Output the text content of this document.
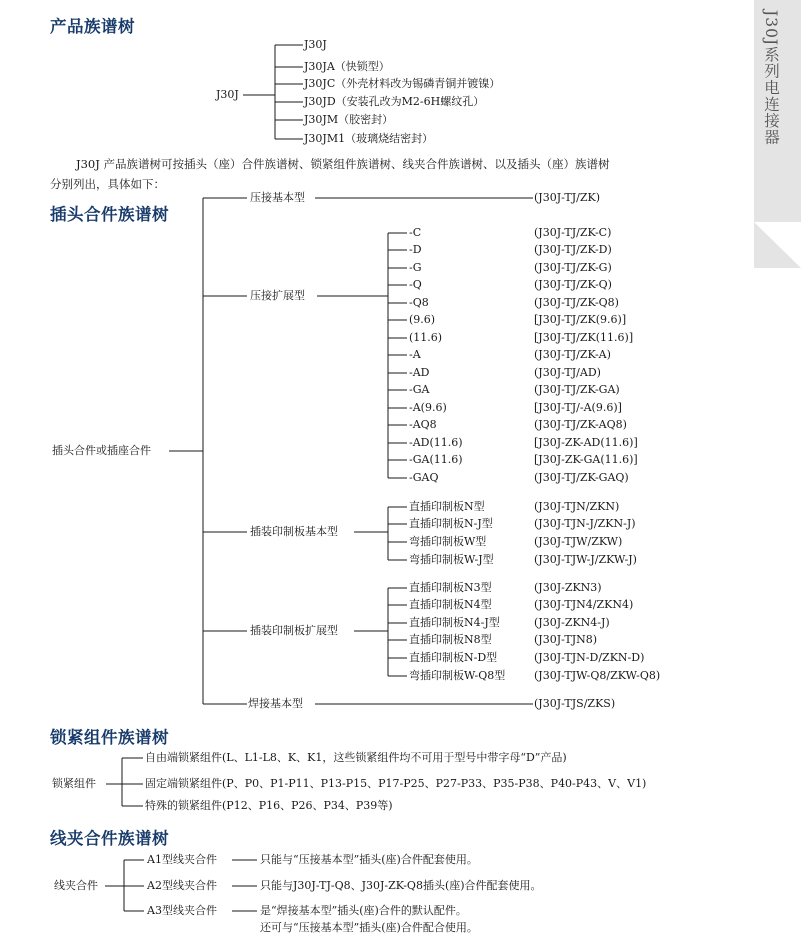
J30J系列电连接器
产品族谱树
J30J
J30J
J30JA（快锁型）
J30JC（外壳材料改为锡磷青铜并镀镍）
J30JD（安装孔改为M2-6H螺纹孔）
J30JM（胶密封）
J30JM1（玻璃烧结密封）
J30J 产品族谱树可按插头（座）合件族谱树、锁紧组件族谱树、线夹合件族谱树、以及插头（座）族谱树
分别列出，具体如下：
插头合件族谱树
插头合件或插座合件
压接基本型	(J30J-TJ/ZK)
压接扩展型
-C	(J30J-TJ/ZK-C)
-D	(J30J-TJ/ZK-D)
-G	(J30J-TJ/ZK-G)
-Q	(J30J-TJ/ZK-Q)
-Q8	(J30J-TJ/ZK-Q8)
(9.6)	[J30J-TJ/ZK(9.6)]
(11.6)	[J30J-TJ/ZK(11.6)]
-A	(J30J-TJ/ZK-A)
-AD	(J30J-TJ/AD)
-GA	(J30J-TJ/ZK-GA)
-A(9.6)	[J30J-TJ/-A(9.6)]
-AQ8	(J30J-TJ/ZK-AQ8)
-AD(11.6)	[J30J-ZK-AD(11.6)]
-GA(11.6)	[J30J-ZK-GA(11.6)]
-GAQ	(J30J-TJ/ZK-GAQ)
插装印制板基本型
直插印制板N型	(J30J-TJN/ZKN)
直插印制板N-J型	(J30J-TJN-J/ZKN-J)
弯插印制板W型	(J30J-TJW/ZKW)
弯插印制板W-J型	(J30J-TJW-J/ZKW-J)
插装印制板扩展型
直插印制板N3型	(J30J-ZKN3)
直插印制板N4型	(J30J-TJN4/ZKN4)
直插印制板N4-J型	(J30J-ZKN4-J)
直插印制板N8型	(J30J-TJN8)
直插印制板N-D型	(J30J-TJN-D/ZKN-D)
弯插印制板W-Q8型	(J30J-TJW-Q8/ZKW-Q8)
焊接基本型	(J30J-TJS/ZKS)
锁紧组件族谱树
锁紧组件
自由端锁紧组件(L、L1-L8、K、K1，这些锁紧组件均不可用于型号中带字母“D”产品)
固定端锁紧组件(P、P0、P1-P11、P13-P15、P17-P25、P27-P33、P35-P38、P40-P43、V、V1)
特殊的锁紧组件(P12、P16、P26、P34、P39等)
线夹合件族谱树
线夹合件
A1型线夹合件	只能与“压接基本型”插头(座)合件配套使用。
A2型线夹合件	只能与J30J-TJ-Q8、J30J-ZK-Q8插头(座)合件配套使用。
A3型线夹合件	是“焊接基本型”插头(座)合件的默认配件。
还可与“压接基本型”插头(座)合件配合使用。
